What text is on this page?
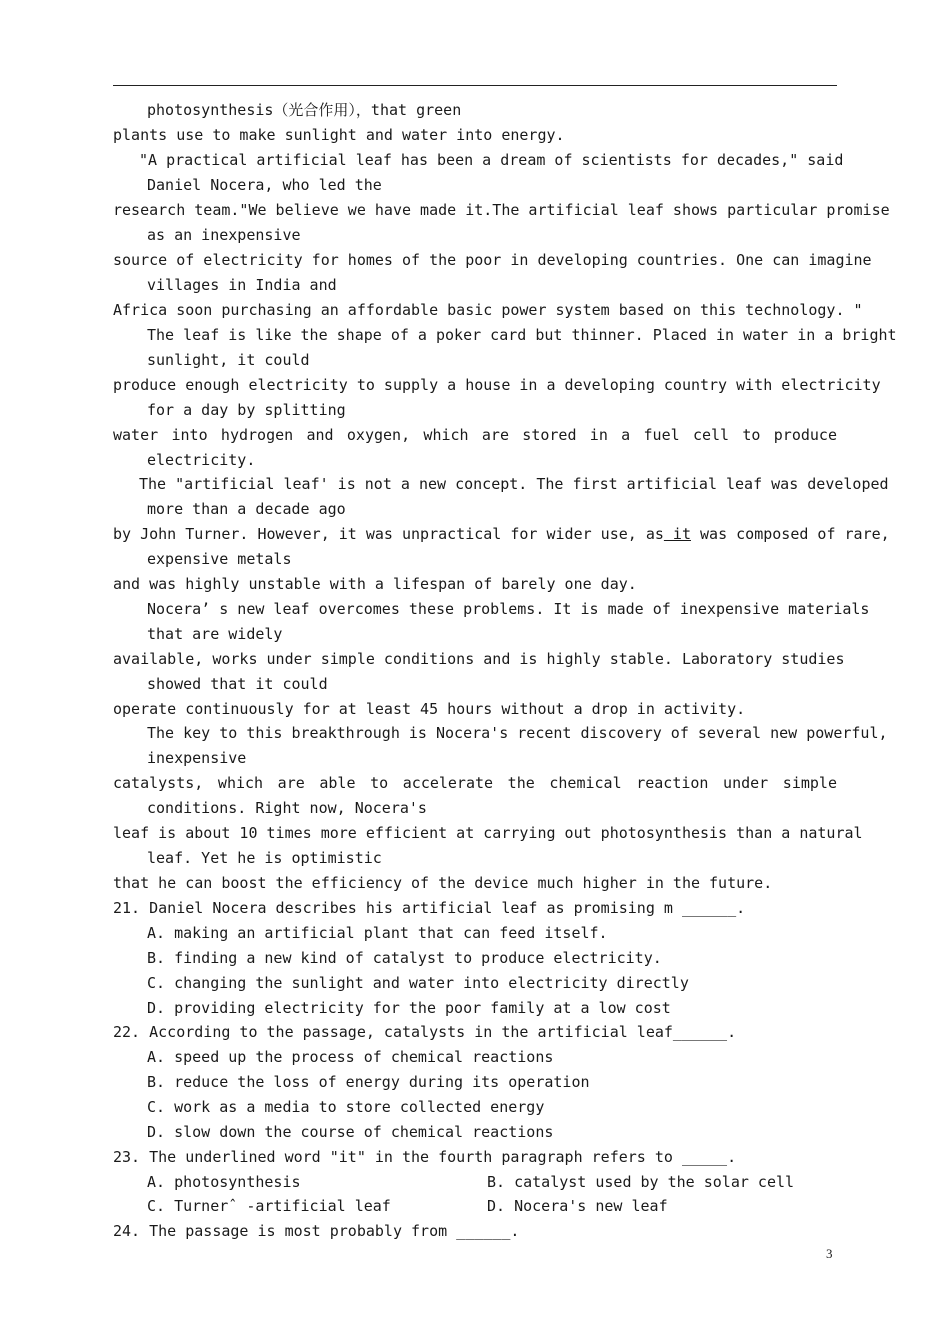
photosynthesis（光合作用），that green
plants use to make sunlight and water into energy.
"A practical artificial leaf has been a dream of scientists for decades," said
Daniel Nocera, who led the
research team."We believe we have made it.The artificial leaf shows particular promise
as an inexpensive
source of electricity for homes of the poor in developing countries. One can imagine
villages in India and
Africa soon purchasing an affordable basic power system based on this technology. "
The leaf is like the shape of a poker card but thinner. Placed in water in a bright
sunlight, it could
produce enough electricity to supply a house in a developing country with electricity
for a day by splitting
water into hydrogen and oxygen, which are stored in a fuel cell to produce
electricity.
The "artificial leaf' is not a new concept. The first artificial leaf was developed
more than a decade ago
by John Turner. However, it was unpractical for wider use, as it was composed of rare,
expensive metals
and was highly unstable with a lifespan of barely one day.
Nocera’ s new leaf overcomes these problems. It is made of inexpensive materials
that are widely
available, works under simple conditions and is highly stable. Laboratory studies
showed that it could
operate continuously for at least 45 hours without a drop in activity.
The key to this breakthrough is Nocera's recent discovery of several new powerful,
inexpensive
catalysts, which are able to accelerate the chemical reaction under simple
conditions. Right now, Nocera's
leaf is about 10 times more efficient at carrying out photosynthesis than a natural
leaf. Yet he is optimistic
that he can boost the efficiency of the device much higher in the future.
21. Daniel Nocera describes his artificial leaf as promising m ______.
A. making an artificial plant that can feed itself.
B. finding a new kind of catalyst to produce electricity.
C. changing the sunlight and water into electricity directly
D. providing electricity for the poor family at a low cost
22. According to the passage, catalysts in the artificial leaf______.
A. speed up the process of chemical reactions
B. reduce the loss of energy during its operation
C. work as a media to store collected energy
D. slow down the course of chemical reactions
23. The underlined word "it" in the fourth paragraph refers to _____.
A. photosynthesis	B. catalyst used by the solar cell
C. Turnerˆ -artificial leaf	D. Nocera's new leaf
24. The passage is most probably from ______.
3
